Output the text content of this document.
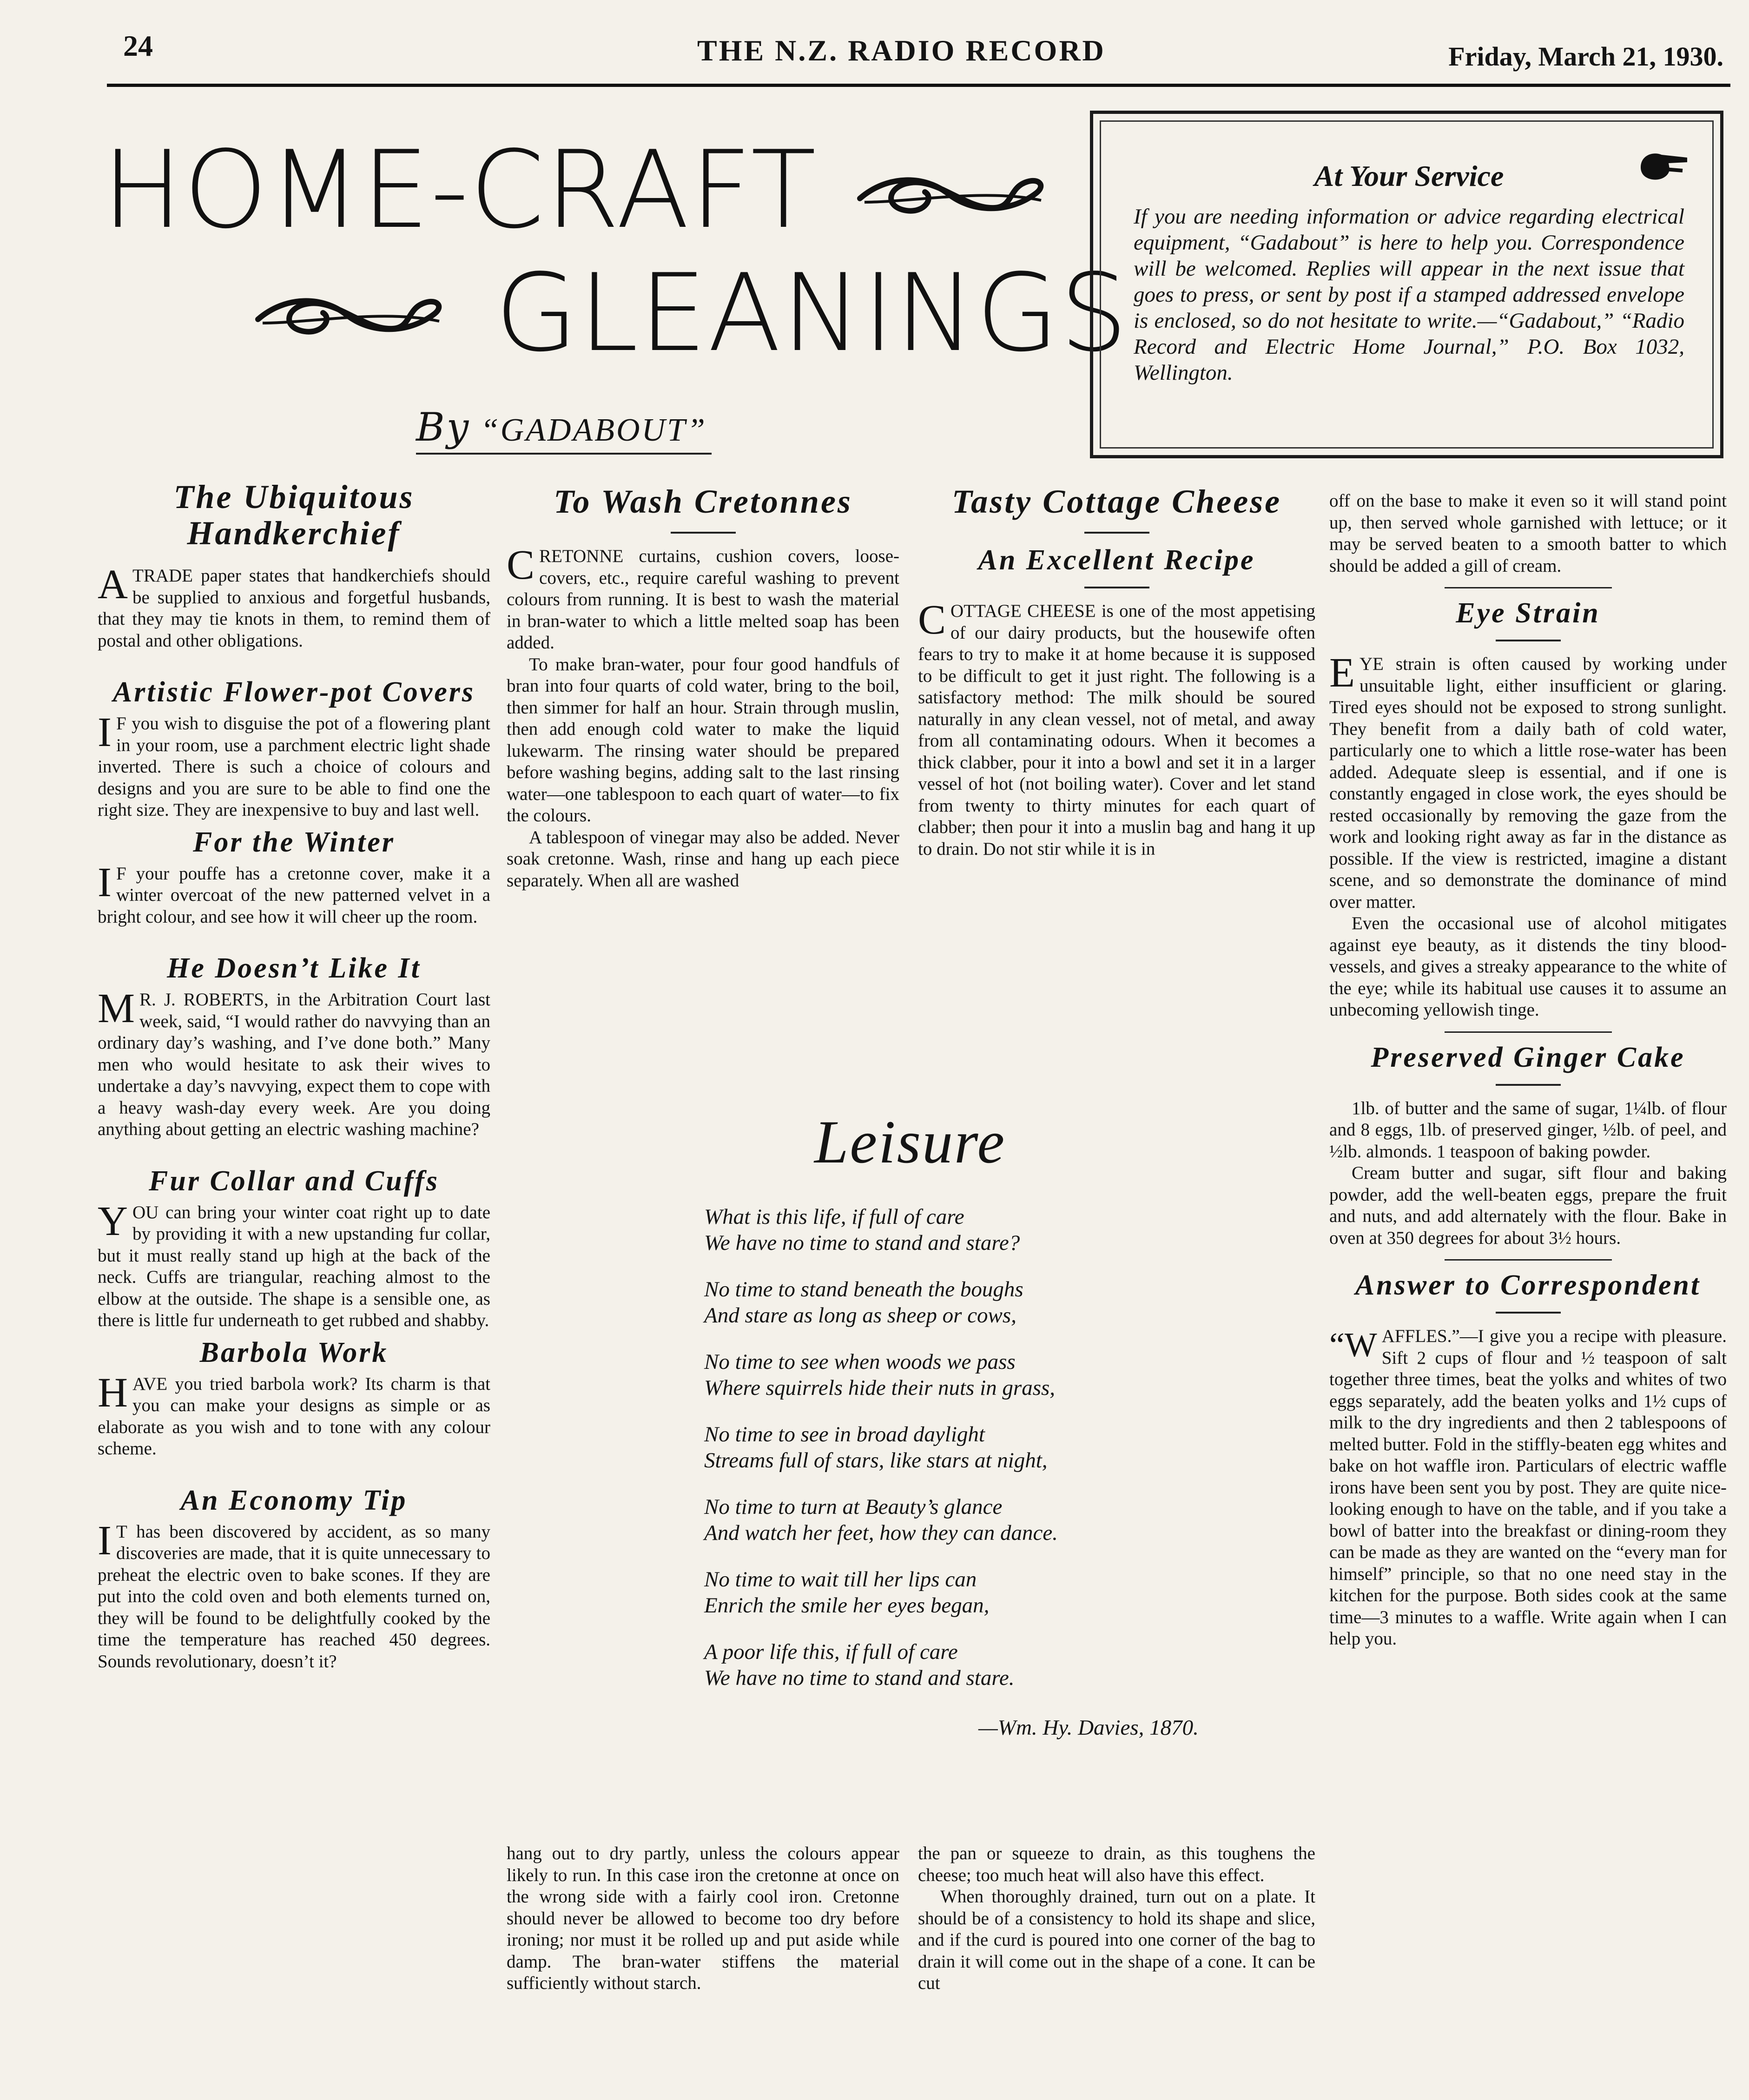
24	THE N.Z. RADIO RECORD	Friday, March 21, 1930.
HOME-CRAFT
GLEANINGS
By “GADABOUT”
At Your Service
If you are needing information or advice regarding electrical equipment, “Gadabout” is here to help you. Correspondence will be welcomed. Replies will appear in the next issue that goes to press, or sent by post if a stamped addressed envelope is enclosed, so do not hesitate to write.—“Gadabout,” “Radio Record and Electric Home Journal,” P.O. Box 1032, Wellington.
The Ubiquitous Handkerchief

ATRADE paper states that handkerchiefs should be supplied to anxious and forgetful husbands, that they may tie knots in them, to remind them of postal and other obligations.

Artistic Flower-pot Covers

I F you wish to disguise the pot of a flowering plant in your room, use a parchment electric light shade inverted. There is such a choice of colours and designs and you are sure to be able to find one the right size. They are inexpensive to buy and last well.

For the Winter

I F your pouffe has a cretonne cover, make it a winter overcoat of the new patterned velvet in a bright colour, and see how it will cheer up the room.

He Doesn’t Like It

MR. J. ROBERTS, in the Arbitration Court last week, said, “I would rather do navvying than an ordinary day’s washing, and I’ve done both.” Many men who would hesitate to ask their wives to undertake a day’s navvying, expect them to cope with a heavy wash-day every week. Are you doing anything about getting an electric washing machine?

Fur Collar and Cuffs

YOU can bring your winter coat right up to date by providing it with a new upstanding fur collar, but it must really stand up high at the back of the neck. Cuffs are triangular, reaching almost to the elbow at the outside. The shape is a sensible one, as there is little fur underneath to get rubbed and shabby.

Barbola Work

HAVE you tried barbola work? Its charm is that you can make your designs as simple or as elaborate as you wish and to tone with any colour scheme.

An Economy Tip

IT has been discovered by accident, as so many discoveries are made, that it is quite unnecessary to preheat the electric oven to bake scones. If they are put into the cold oven and both elements turned on, they will be found to be delightfully cooked by the time the temperature has reached 450 degrees. Sounds revolutionary, doesn’t it?

To Wash Cretonnes

CRETONNE curtains, cushion covers, loose-covers, etc., require careful washing to prevent colours from running. It is best to wash the material in bran-water to which a little melted soap has been added.

To make bran-water, pour four good handfuls of bran into four quarts of cold water, bring to the boil, then simmer for half an hour. Strain through muslin, then add enough cold water to make the liquid lukewarm. The rinsing water should be prepared before washing begins, adding salt to the last rinsing water—one tablespoon to each quart of water—to fix the colours.

A tablespoon of vinegar may also be added. Never soak cretonne. Wash, rinse and hang up each piece separately. When all are washed

hang out to dry partly, unless the colours appear likely to run. In this case iron the cretonne at once on the wrong side with a fairly cool iron. Cretonne should never be allowed to become too dry before ironing; nor must it be rolled up and put aside while damp. The bran-water stiffens the material sufficiently without starch.

Tasty Cottage Cheese
An Excellent Recipe

COTTAGE CHEESE is one of the most appetising of our dairy products, but the housewife often fears to try to make it at home because it is supposed to be difficult to get it just right. The following is a satisfactory method: The milk should be soured naturally in any clean vessel, not of metal, and away from all contaminating odours. When it becomes a thick clabber, pour it into a bowl and set it in a larger vessel of hot (not boiling water). Cover and let stand from twenty to thirty minutes for each quart of clabber; then pour it into a muslin bag and hang it up to drain. Do not stir while it is in

the pan or squeeze to drain, as this toughens the cheese; too much heat will also have this effect.

When thoroughly drained, turn out on a plate. It should be of a consistency to hold its shape and slice, and if the curd is poured into one corner of the bag to drain it will come out in the shape of a cone. It can be cut

Leisure
What is this life, if full of care
We have no time to stand and stare?
No time to stand beneath the boughs
And stare as long as sheep or cows,
No time to see when woods we pass
Where squirrels hide their nuts in grass,
No time to see in broad daylight
Streams full of stars, like stars at night,
No time to turn at Beauty’s glance
And watch her feet, how they can dance.
No time to wait till her lips can
Enrich the smile her eyes began,
A poor life this, if full of care
We have no time to stand and stare.
—Wm. Hy. Davies, 1870.

off on the base to make it even so it will stand point up, then served whole garnished with lettuce; or it may be served beaten to a smooth batter to which should be added a gill of cream.

Eye Strain

EYE strain is often caused by working under unsuitable light, either insufficient or glaring. Tired eyes should not be exposed to strong sunlight. They benefit from a daily bath of cold water, particularly one to which a little rose-water has been added. Adequate sleep is essential, and if one is constantly engaged in close work, the eyes should be rested occasionally by removing the gaze from the work and looking right away as far in the distance as possible. If the view is restricted, imagine a distant scene, and so demonstrate the dominance of mind over matter.

Even the occasional use of alcohol mitigates against eye beauty, as it distends the tiny blood-vessels, and gives a streaky appearance to the white of the eye; while its habitual use causes it to assume an unbecoming yellowish tinge.

Preserved Ginger Cake

1lb. of butter and the same of sugar, 1¼lb. of flour and 8 eggs, 1lb. of preserved ginger, ½lb. of peel, and ½lb. almonds. 1 teaspoon of baking powder.

Cream butter and sugar, sift flour and baking powder, add the well-beaten eggs, prepare the fruit and nuts, and add alternately with the flour. Bake in oven at 350 degrees for about 3½ hours.

Answer to Correspondent

“WAFFLES.”—I give you a recipe with pleasure. Sift 2 cups of flour and ½ teaspoon of salt together three times, beat the yolks and whites of two eggs separately, add the beaten yolks and 1½ cups of milk to the dry ingredients and then 2 tablespoons of melted butter. Fold in the stiffly-beaten egg whites and bake on hot waffle iron. Particulars of electric waffle irons have been sent you by post. They are quite nice-looking enough to have on the table, and if you take a bowl of batter into the breakfast or dining-room they can be made as they are wanted on the “every man for himself” principle, so that no one need stay in the kitchen for the purpose. Both sides cook at the same time—3 minutes to a waffle. Write again when I can help you.
